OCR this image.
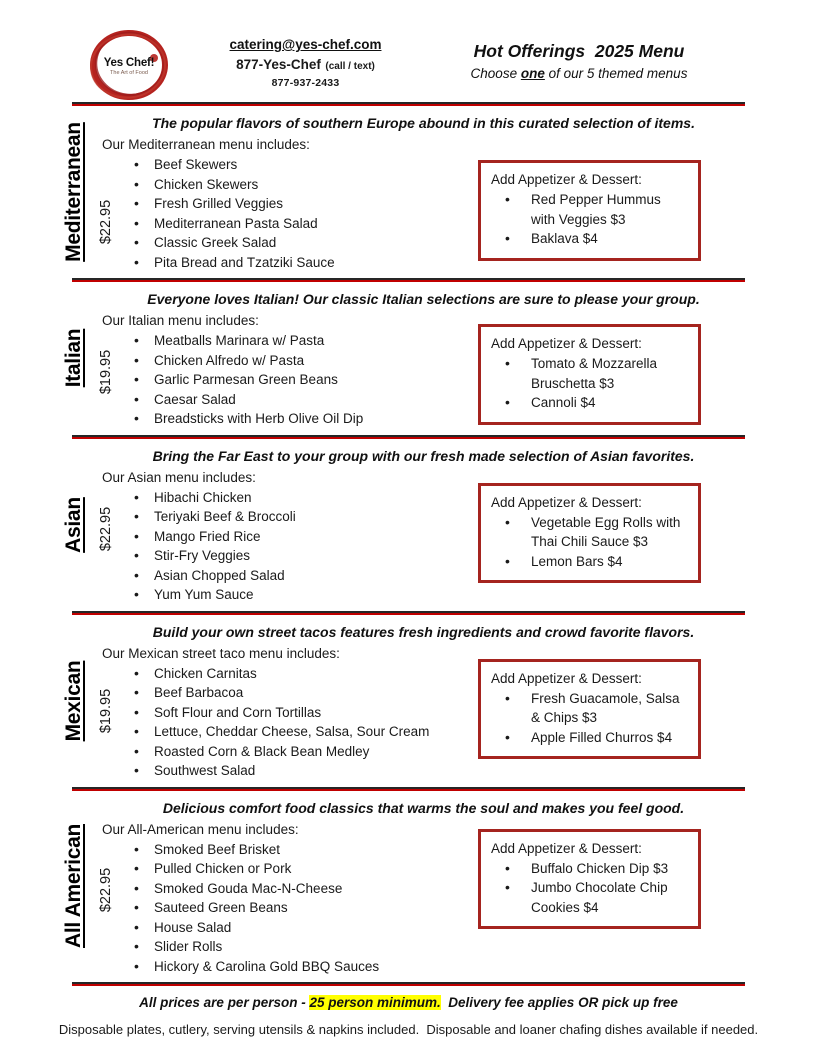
Yes Chef!
The Art of Food
catering@yes-chef.com
877-Yes-Chef (call / text)
877-937-2433
Hot Offerings  2025 Menu
Choose one of our 5 themed menus
Mediterranean $22.95
The popular flavors of southern Europe abound in this curated selection of items.
Our Mediterranean menu includes:
• Beef Skewers
• Chicken Skewers
• Fresh Grilled Veggies
• Mediterranean Pasta Salad
• Classic Greek Salad
• Pita Bread and Tzatziki Sauce
Add Appetizer & Dessert:
• Red Pepper Hummus with Veggies $3
• Baklava $4
Italian $19.95
Everyone loves Italian! Our classic Italian selections are sure to please your group.
Our Italian menu includes:
• Meatballs Marinara w/ Pasta
• Chicken Alfredo w/ Pasta
• Garlic Parmesan Green Beans
• Caesar Salad
• Breadsticks with Herb Olive Oil Dip
Add Appetizer & Dessert:
• Tomato & Mozzarella Bruschetta $3
• Cannoli $4
Asian $22.95
Bring the Far East to your group with our fresh made selection of Asian favorites.
Our Asian menu includes:
• Hibachi Chicken
• Teriyaki Beef & Broccoli
• Mango Fried Rice
• Stir-Fry Veggies
• Asian Chopped Salad
• Yum Yum Sauce
Add Appetizer & Dessert:
• Vegetable Egg Rolls with Thai Chili Sauce $3
• Lemon Bars $4
Mexican $19.95
Build your own street tacos features fresh ingredients and crowd favorite flavors.
Our Mexican street taco menu includes:
• Chicken Carnitas
• Beef Barbacoa
• Soft Flour and Corn Tortillas
• Lettuce, Cheddar Cheese, Salsa, Sour Cream
• Roasted Corn & Black Bean Medley
• Southwest Salad
Add Appetizer & Dessert:
• Fresh Guacamole, Salsa & Chips $3
• Apple Filled Churros $4
All American $22.95
Delicious comfort food classics that warms the soul and makes you feel good.
Our All-American menu includes:
• Smoked Beef Brisket
• Pulled Chicken or Pork
• Smoked Gouda Mac-N-Cheese
• Sauteed Green Beans
• House Salad
• Slider Rolls
• Hickory & Carolina Gold BBQ Sauces
Add Appetizer & Dessert:
• Buffalo Chicken Dip $3
• Jumbo Chocolate Chip Cookies $4
All prices are per person - 25 person minimum.  Delivery fee applies OR pick up free
Disposable plates, cutlery, serving utensils & napkins included.  Disposable and loaner chafing dishes available if needed.
